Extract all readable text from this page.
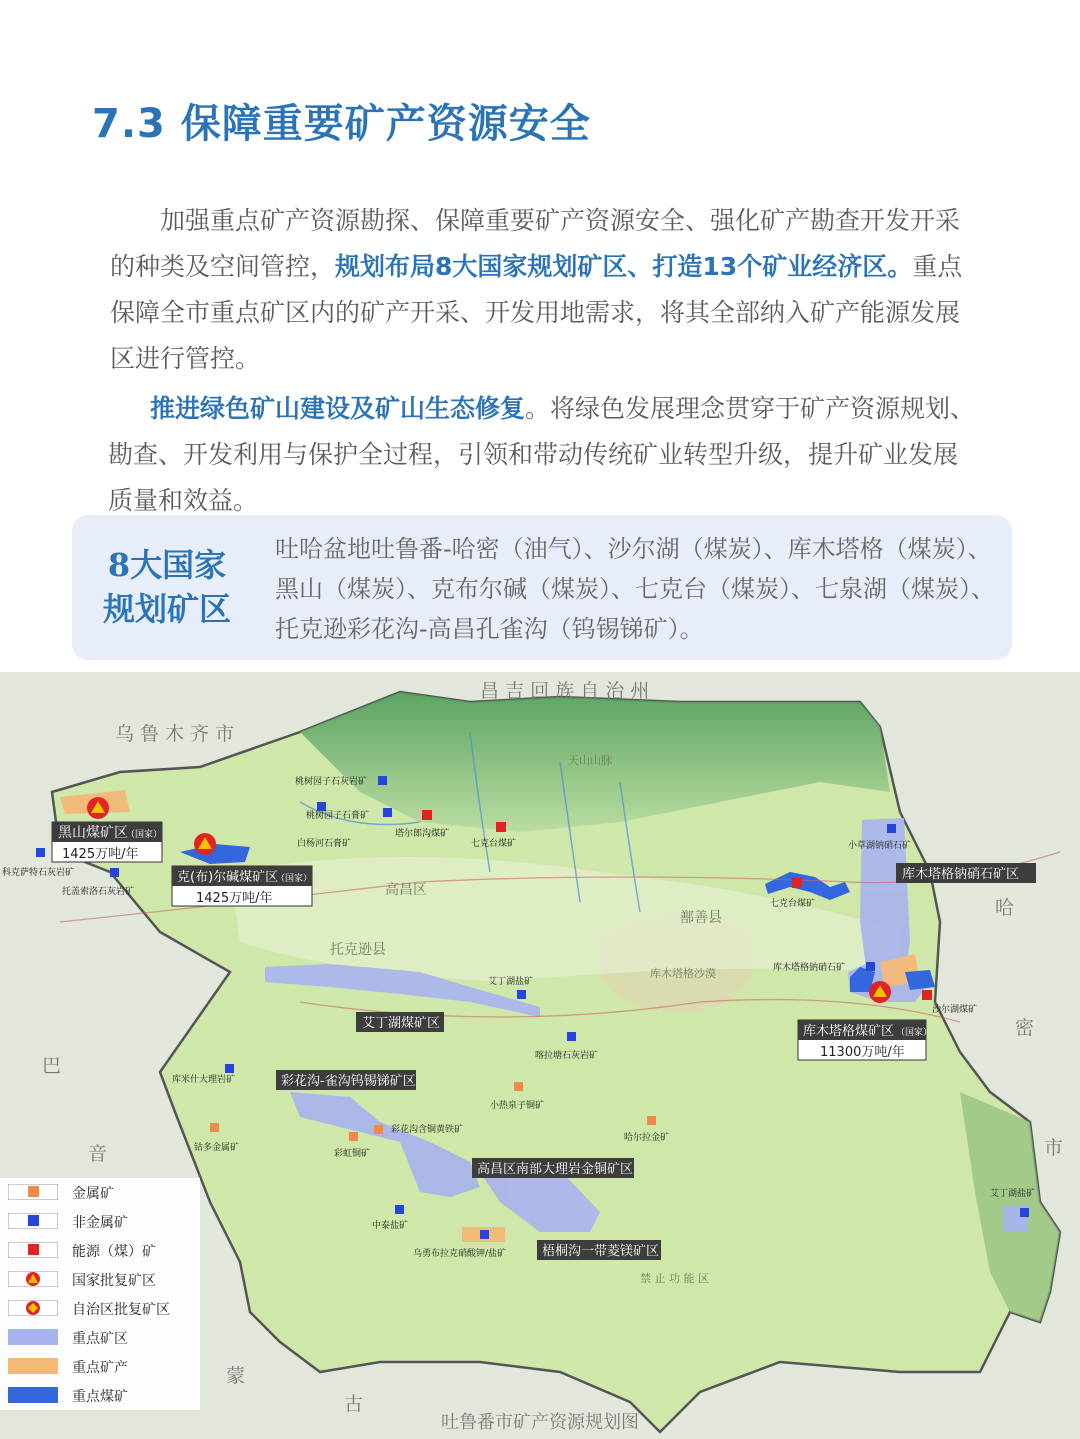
7.3 保障重要矿产资源安全

加强重点矿产资源勘探、保障重要矿产资源安全、强化矿产勘查开发开采的种类及空间管控，规划布局8大国家规划矿区、打造13个矿业经济区。重点保障全市重点矿区内的矿产开采、开发用地需求，将其全部纳入矿产能源发展区进行管控。

推进绿色矿山建设及矿山生态修复。将绿色发展理念贯穿于矿产资源规划、勘查、开发利用与保护全过程，引领和带动传统矿业转型升级，提升矿业发展质量和效益。

8大国家
规划矿区

吐哈盆地吐鲁番-哈密（油气）、沙尔湖（煤炭）、库木塔格（煤炭）、黑山（煤炭）、克布尔碱（煤炭）、七克台（煤炭）、七泉湖（煤炭）、托克逊彩花沟-高昌孔雀沟（钨锡锑矿）。

昌 吉 回 族 自 治 州
乌 鲁 木 齐 市
巴
音
蒙
古
哈
密
市
天山山脉
高昌区
托克逊县
鄯善县
库木塔格沙漠
禁 止 功 能 区
桃树园子石灰岩矿
桃树园子石膏矿
白杨河石膏矿
塔尔郎沟煤矿
七克台煤矿
科克萨特石灰岩矿
托盖索洛石灰岩矿
小草湖钠硝石矿
七克台煤矿
库木塔格钠硝石矿
沙尔湖煤矿
艾丁湖盐矿
喀拉塘石灰岩矿
库米什大理岩矿
钴多金属矿
彩虹铜矿
彩花沟含铜黄铁矿
小热泉子铜矿
哈尔拉金矿
中泰盐矿
乌勇布拉克硝酸钾/盐矿
艾丁湖盐矿
黑山煤矿区
（国家）
1425万吨/年
克(布)尔碱煤矿区
（国家）
1425万吨/年
库木塔格煤矿区 （国家）
11300万吨/年
库木塔格钠硝石矿区
艾丁湖煤矿区
彩花沟-雀沟钨锡锑矿区
高昌区南部大理岩金铜矿区
梧桐沟一带菱镁矿区
金属矿
非金属矿
能源（煤）矿
国家批复矿区
自治区批复矿区
重点矿区
重点矿产
重点煤矿
吐鲁番市矿产资源规划图
